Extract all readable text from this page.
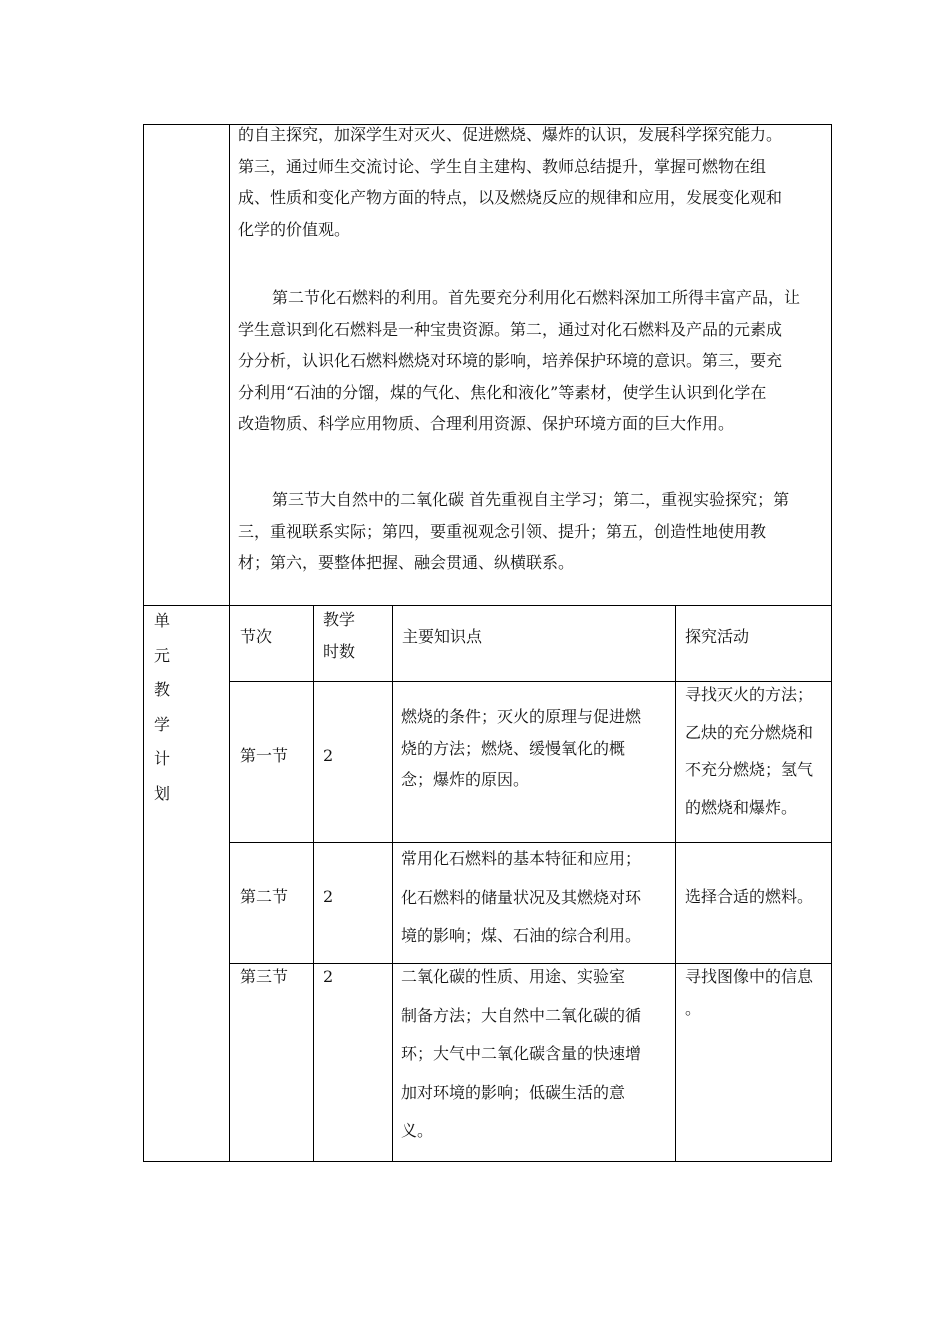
的自主探究，加深学生对灭火、促进燃烧、爆炸的认识，发展科学探究能力。
第三，通过师生交流讨论、学生自主建构、教师总结提升，掌握可燃物在组
成、性质和变化产物方面的特点，以及燃烧反应的规律和应用，发展变化观和
化学的价值观。
第二节化石燃料的利用。首先要充分利用化石燃料深加工所得丰富产品，让
学生意识到化石燃料是一种宝贵资源。第二，通过对化石燃料及产品的元素成
分分析，认识化石燃料燃烧对环境的影响，培养保护环境的意识。第三，要充
分利用“石油的分馏，煤的气化、焦化和液化”等素材，使学生认识到化学在
改造物质、科学应用物质、合理利用资源、保护环境方面的巨大作用。
第三节大自然中的二氧化碳 首先重视自主学习；第二，重视实验探究；第
三，重视联系实际；第四，要重视观念引领、提升；第五，创造性地使用教
材；第六，要整体把握、融会贯通、纵横联系。
单
元
教
学
计
划
节次
教学
时数
主要知识点	探究活动
第一节 2
燃烧的条件；灭火的原理与促进燃
烧的方法；燃烧、缓慢氧化的概
念；爆炸的原因。
寻找灭火的方法；
乙炔的充分燃烧和
不充分燃烧；氢气
的燃烧和爆炸。
第二节 2
常用化石燃料的基本特征和应用；
化石燃料的储量状况及其燃烧对环
境的影响；煤、石油的综合利用。
选择合适的燃料。
第三节 2	二氧化碳的性质、用途、实验室
制备方法；大自然中二氧化碳的循
环；大气中二氧化碳含量的快速增
加对环境的影响；低碳生活的意
义。
寻找图像中的信息
。
